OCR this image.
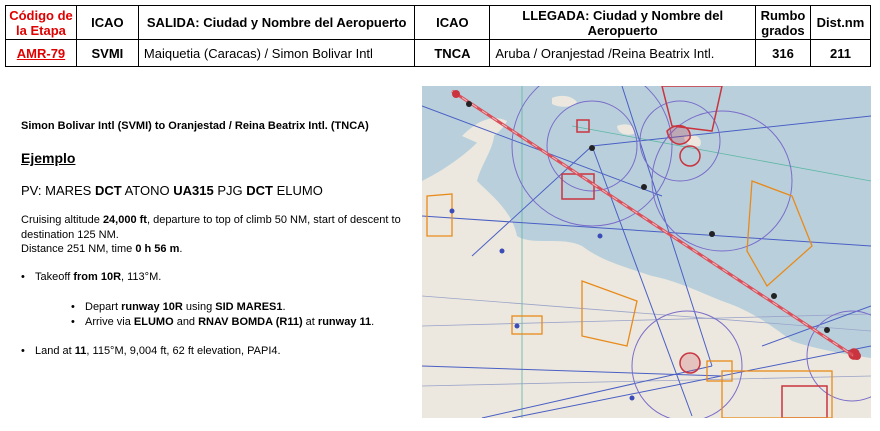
Código de la Etapa	ICAO	SALIDA: Ciudad y Nombre del Aeropuerto	ICAO	LLEGADA: Ciudad y Nombre del Aeropuerto	Rumbo grados	Dist.nm
AMR-79	SVMI	Maiquetia (Caracas) / Simon Bolivar Intl	TNCA	Aruba / Oranjestad /Reina Beatrix Intl.	316	211

Simon Bolivar Intl (SVMI) to Oranjestad / Reina Beatrix Intl. (TNCA)

Ejemplo
PV: MARES DCT ATONO UA315 PJG DCT ELUMO
Cruising altitude 24,000 ft, departure to top of climb 50 NM, start of descent to destination 125 NM.
Distance 251 NM, time 0 h 56 m.
• Takeoff from 10R, 113°M.
• Depart runway 10R using SID MARES1.
• Arrive via ELUMO and RNAV BOMDA (R11) at runway 11.
• Land at 11, 115°M, 9,004 ft, 62 ft elevation, PAPI4.
